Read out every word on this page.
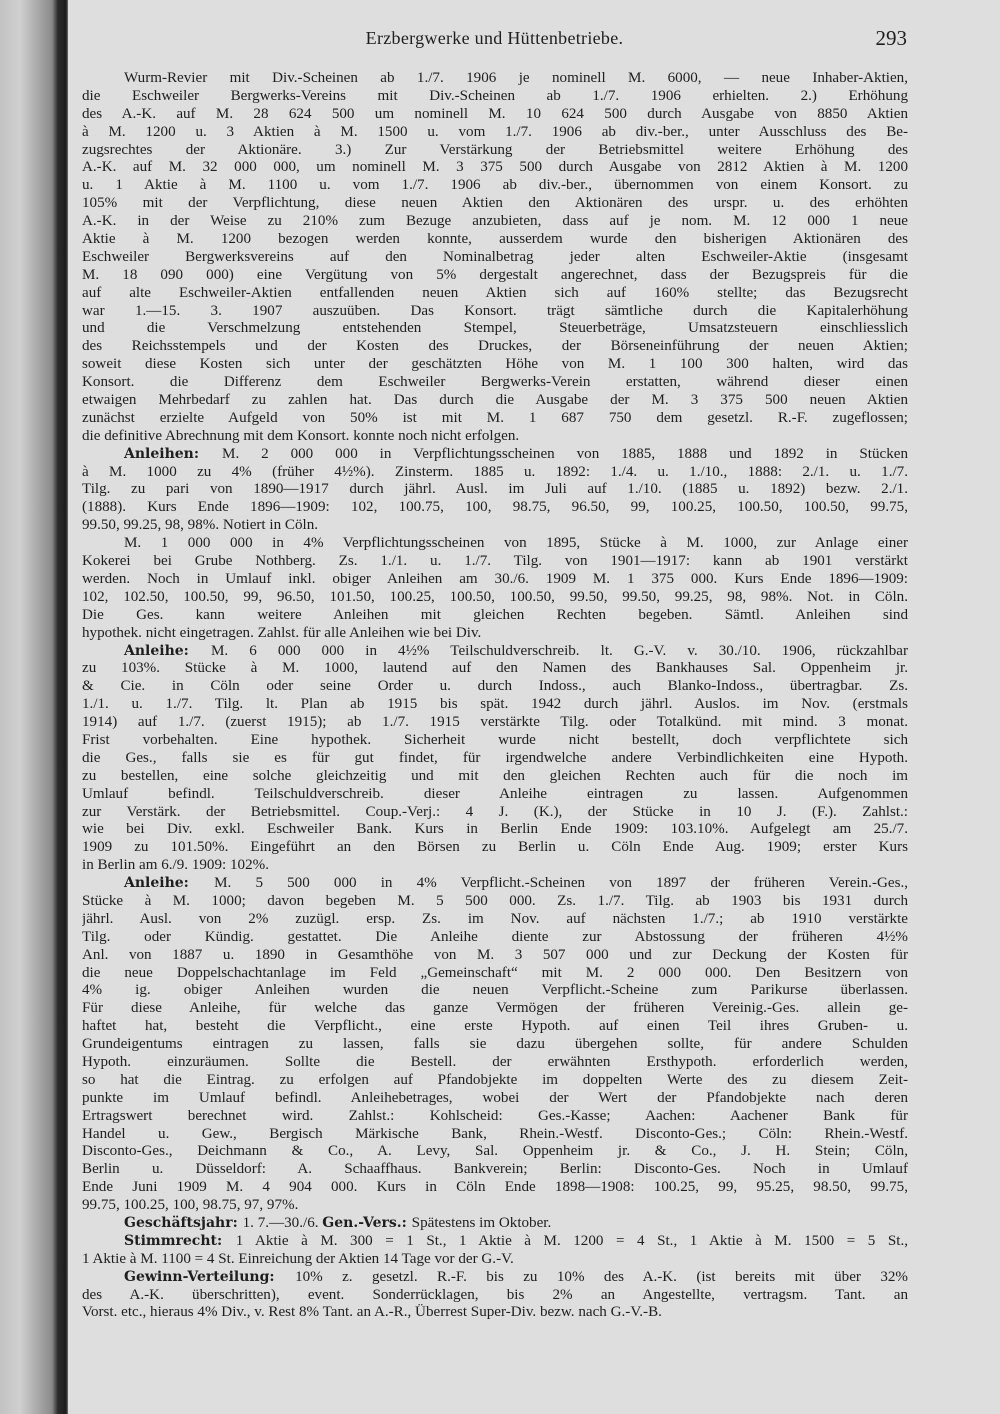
Erzbergwerke und Hüttenbetriebe.	293
Wurm-Revier mit Div.-Scheinen ab 1./7. 1906 je nominell M. 6000, — neue Inhaber-Aktien,
die Eschweiler Bergwerks-Vereins mit Div.-Scheinen ab 1./7. 1906 erhielten. 2.) Erhöhung
des A.-K. auf M. 28 624 500 um nominell M. 10 624 500 durch Ausgabe von 8850 Aktien
à M. 1200 u. 3 Aktien à M. 1500 u. vom 1./7. 1906 ab div.-ber., unter Ausschluss des Be-
zugsrechtes der Aktionäre. 3.) Zur Verstärkung der Betriebsmittel weitere Erhöhung des
A.-K. auf M. 32 000 000, um nominell M. 3 375 500 durch Ausgabe von 2812 Aktien à M. 1200
u. 1 Aktie à M. 1100 u. vom 1./7. 1906 ab div.-ber., übernommen von einem Konsort. zu
105% mit der Verpflichtung, diese neuen Aktien den Aktionären des urspr. u. des erhöhten
A.-K. in der Weise zu 210% zum Bezuge anzubieten, dass auf je nom. M. 12 000 1 neue
Aktie à M. 1200 bezogen werden konnte, ausserdem wurde den bisherigen Aktionären des
Eschweiler Bergwerksvereins auf den Nominalbetrag jeder alten Eschweiler-Aktie (insgesamt
M. 18 090 000) eine Vergütung von 5% dergestalt angerechnet, dass der Bezugspreis für die
auf alte Eschweiler-Aktien entfallenden neuen Aktien sich auf 160% stellte; das Bezugsrecht
war 1.—15. 3. 1907 auszuüben. Das Konsort. trägt sämtliche durch die Kapitalerhöhung
und die Verschmelzung entstehenden Stempel, Steuerbeträge, Umsatzsteuern einschliesslich
des Reichsstempels und der Kosten des Druckes, der Börseneinführung der neuen Aktien;
soweit diese Kosten sich unter der geschätzten Höhe von M. 1 100 300 halten, wird das
Konsort. die Differenz dem Eschweiler Bergwerks-Verein erstatten, während dieser einen
etwaigen Mehrbedarf zu zahlen hat. Das durch die Ausgabe der M. 3 375 500 neuen Aktien
zunächst erzielte Aufgeld von 50% ist mit M. 1 687 750 dem gesetzl. R.-F. zugeflossen;
die definitive Abrechnung mit dem Konsort. konnte noch nicht erfolgen.
Anleihen: M. 2 000 000 in Verpflichtungsscheinen von 1885, 1888 und 1892 in Stücken
à M. 1000 zu 4% (früher 4½%). Zinsterm. 1885 u. 1892: 1./4. u. 1./10., 1888: 2./1. u. 1./7.
Tilg. zu pari von 1890—1917 durch jährl. Ausl. im Juli auf 1./10. (1885 u. 1892) bezw. 2./1.
(1888). Kurs Ende 1896—1909: 102, 100.75, 100, 98.75, 96.50, 99, 100.25, 100.50, 100.50, 99.75,
99.50, 99.25, 98, 98%. Notiert in Cöln.
M. 1 000 000 in 4% Verpflichtungsscheinen von 1895, Stücke à M. 1000, zur Anlage einer
Kokerei bei Grube Nothberg. Zs. 1./1. u. 1./7. Tilg. von 1901—1917: kann ab 1901 verstärkt
werden. Noch in Umlauf inkl. obiger Anleihen am 30./6. 1909 M. 1 375 000. Kurs Ende 1896—1909:
102, 102.50, 100.50, 99, 96.50, 101.50, 100.25, 100.50, 100.50, 99.50, 99.50, 99.25, 98, 98%. Not. in Cöln.
Die Ges. kann weitere Anleihen mit gleichen Rechten begeben. Sämtl. Anleihen sind
hypothek. nicht eingetragen. Zahlst. für alle Anleihen wie bei Div.
Anleihe: M. 6 000 000 in 4½% Teilschuldverschreib. lt. G.-V. v. 30./10. 1906, rückzahlbar
zu 103%. Stücke à M. 1000, lautend auf den Namen des Bankhauses Sal. Oppenheim jr.
& Cie. in Cöln oder seine Order u. durch Indoss., auch Blanko-Indoss., übertragbar. Zs.
1./1. u. 1./7. Tilg. lt. Plan ab 1915 bis spät. 1942 durch jährl. Auslos. im Nov. (erstmals
1914) auf 1./7. (zuerst 1915); ab 1./7. 1915 verstärkte Tilg. oder Totalkünd. mit mind. 3 monat.
Frist vorbehalten. Eine hypothek. Sicherheit wurde nicht bestellt, doch verpflichtete sich
die Ges., falls sie es für gut findet, für irgendwelche andere Verbindlichkeiten eine Hypoth.
zu bestellen, eine solche gleichzeitig und mit den gleichen Rechten auch für die noch im
Umlauf befindl. Teilschuldverschreib. dieser Anleihe eintragen zu lassen. Aufgenommen
zur Verstärk. der Betriebsmittel. Coup.-Verj.: 4 J. (K.), der Stücke in 10 J. (F.). Zahlst.:
wie bei Div. exkl. Eschweiler Bank. Kurs in Berlin Ende 1909: 103.10%. Aufgelegt am 25./7.
1909 zu 101.50%. Eingeführt an den Börsen zu Berlin u. Cöln Ende Aug. 1909; erster Kurs
in Berlin am 6./9. 1909: 102%.
Anleihe: M. 5 500 000 in 4% Verpflicht.-Scheinen von 1897 der früheren Verein.-Ges.,
Stücke à M. 1000; davon begeben M. 5 500 000. Zs. 1./7. Tilg. ab 1903 bis 1931 durch
jährl. Ausl. von 2% zuzügl. ersp. Zs. im Nov. auf nächsten 1./7.; ab 1910 verstärkte
Tilg. oder Kündig. gestattet. Die Anleihe diente zur Abstossung der früheren 4½%
Anl. von 1887 u. 1890 in Gesamthöhe von M. 3 507 000 und zur Deckung der Kosten für
die neue Doppelschachtanlage im Feld „Gemeinschaft“ mit M. 2 000 000. Den Besitzern von
4% ig. obiger Anleihen wurden die neuen Verpflicht.-Scheine zum Parikurse überlassen.
Für diese Anleihe, für welche das ganze Vermögen der früheren Vereinig.-Ges. allein ge-
haftet hat, besteht die Verpflicht., eine erste Hypoth. auf einen Teil ihres Gruben- u.
Grundeigentums eintragen zu lassen, falls sie dazu übergehen sollte, für andere Schulden
Hypoth. einzuräumen. Sollte die Bestell. der erwähnten Ersthypoth. erforderlich werden,
so hat die Eintrag. zu erfolgen auf Pfandobjekte im doppelten Werte des zu diesem Zeit-
punkte im Umlauf befindl. Anleihebetrages, wobei der Wert der Pfandobjekte nach deren
Ertragswert berechnet wird. Zahlst.: Kohlscheid: Ges.-Kasse; Aachen: Aachener Bank für
Handel u. Gew., Bergisch Märkische Bank, Rhein.-Westf. Disconto-Ges.; Cöln: Rhein.-Westf.
Disconto-Ges., Deichmann & Co., A. Levy, Sal. Oppenheim jr. & Co., J. H. Stein; Cöln,
Berlin u. Düsseldorf: A. Schaaffhaus. Bankverein; Berlin: Disconto-Ges. Noch in Umlauf
Ende Juni 1909 M. 4 904 000. Kurs in Cöln Ende 1898—1908: 100.25, 99, 95.25, 98.50, 99.75,
99.75, 100.25, 100, 98.75, 97, 97%.
Geschäftsjahr: 1. 7.—30./6. Gen.-Vers.: Spätestens im Oktober.
Stimmrecht: 1 Aktie à M. 300 = 1 St., 1 Aktie à M. 1200 = 4 St., 1 Aktie à M. 1500 = 5 St.,
1 Aktie à M. 1100 = 4 St. Einreichung der Aktien 14 Tage vor der G.-V.
Gewinn-Verteilung: 10% z. gesetzl. R.-F. bis zu 10% des A.-K. (ist bereits mit über 32%
des A.-K. überschritten), event. Sonderrücklagen, bis 2% an Angestellte, vertragsm. Tant. an
Vorst. etc., hieraus 4% Div., v. Rest 8% Tant. an A.-R., Überrest Super-Div. bezw. nach G.-V.-B.
